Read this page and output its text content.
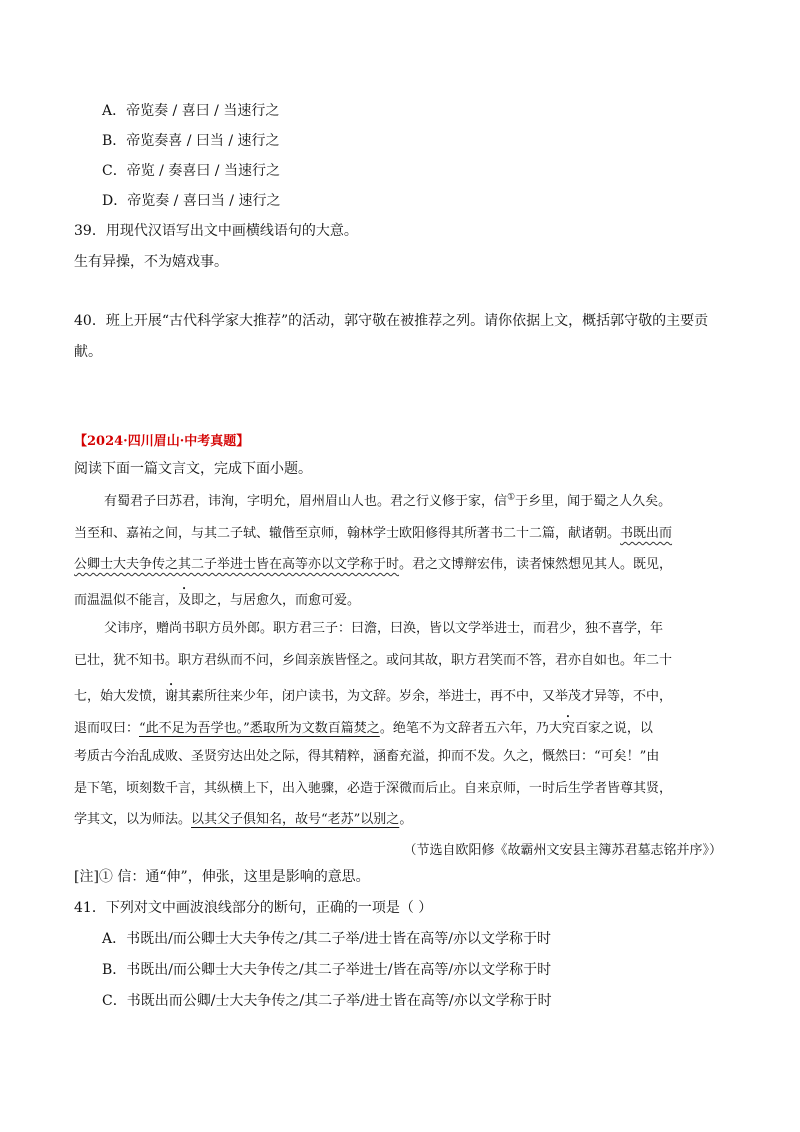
A．帝览奏 / 喜曰 / 当速行之
B．帝览奏喜 / 曰当 / 速行之
C．帝览 / 奏喜曰 / 当速行之
D．帝览奏 / 喜曰当 / 速行之
39．用现代汉语写出文中画横线语句的大意。
生有异操，不为嬉戏事。
40．班上开展“古代科学家大推荐”的活动，郭守敬在被推荐之列。请你依据上文，概括郭守敬的主要贡
献。
【2024·四川眉山·中考真题】
阅读下面一篇文言文，完成下面小题。
有蜀君子曰苏君，讳洵，字明允，眉州眉山人也。君之行义修于家，信①于乡里，闻于蜀之人久矣。
当至和、嘉祐之间，与其二子轼、辙偕至京师，翰林学士欧阳修得其所著书二十二篇，献诸朝。书既出而
公卿士大夫争传之其二子举进士皆在高等亦以文学称于时。君之文博辩宏伟，读者悚然想见其人。既见，
而温温似不能言，及即之，与居愈久，而愈可爱。
父讳序，赠尚书职方员外郎。职方君三子：曰澹，曰涣，皆以文学举进士，而君少，独不喜学，年
已壮，犹不知书。职方君纵而不问，乡闾亲族皆怪之。或问其故，职方君笑而不答，君亦自如也。年二十
七，始大发愤，谢其素所往来少年，闭户读书，为文辞。岁余，举进士，再不中，又举茂才异等，不中，
退而叹曰：“此不足为吾学也。”悉取所为文数百篇焚之。绝笔不为文辞者五六年，乃大究百家之说，以
考质古今治乱成败、圣贤穷达出处之际，得其精粹，涵畜充溢，抑而不发。久之，慨然曰：“可矣！”由
是下笔，顷刻数千言，其纵横上下，出入驰骤，必造于深微而后止。自来京师，一时后生学者皆尊其贤，
学其文，以为师法。以其父子俱知名，故号“老苏”以别之。
（节选自欧阳修《故霸州文安县主簿苏君墓志铭并序》）
[注]① 信：通“伸”，伸张，这里是影响的意思。
41．下列对文中画波浪线部分的断句，正确的一项是（ ）
A．书既出/而公卿士大夫争传之/其二子举/进士皆在高等/亦以文学称于时
B．书既出/而公卿士大夫争传之/其二子举进士/皆在高等/亦以文学称于时
C．书既出而公卿/士大夫争传之/其二子举/进士皆在高等/亦以文学称于时
